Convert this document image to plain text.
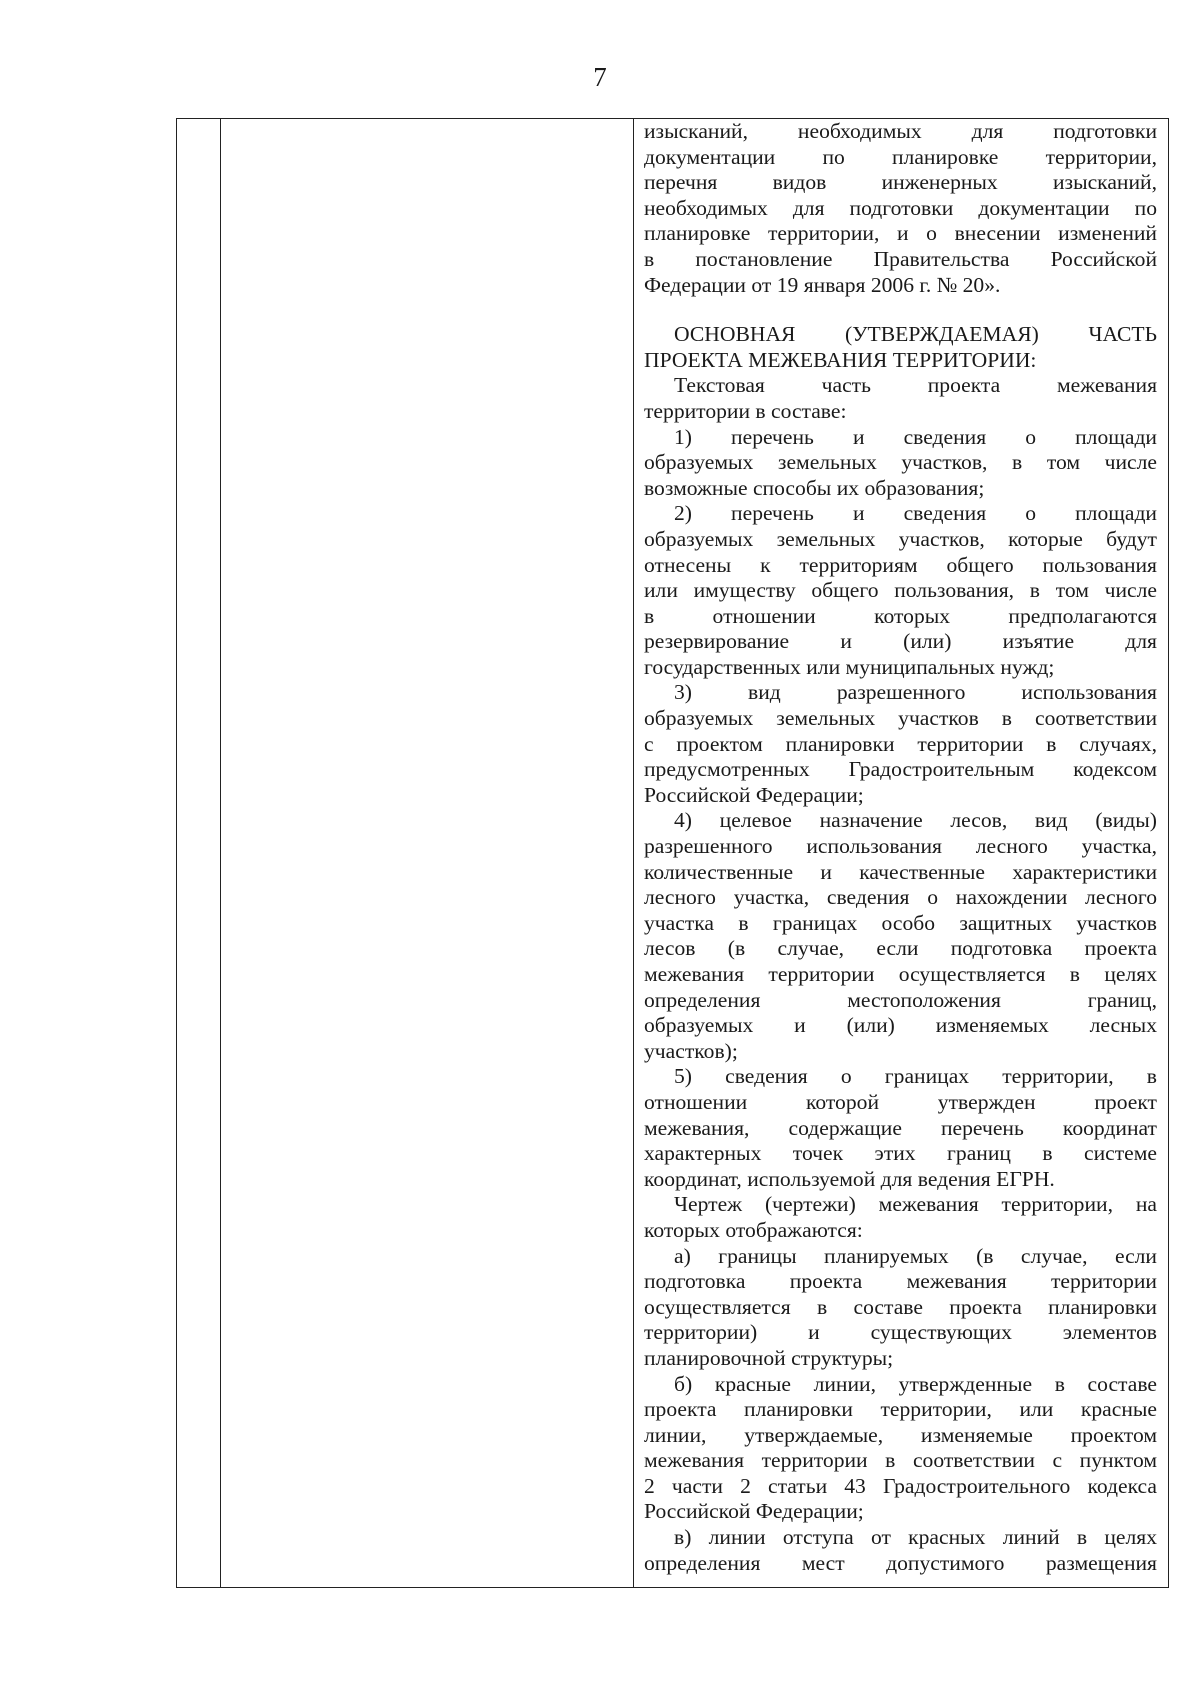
7
изысканий, необходимых для подготовки
документации по планировке территории,
перечня видов инженерных изысканий,
необходимых для подготовки документации по
планировке территории, и о внесении изменений
в постановление Правительства Российской
Федерации от 19 января 2006 г. № 20».
ОСНОВНАЯ (УТВЕРЖДАЕМАЯ) ЧАСТЬ
ПРОЕКТА МЕЖЕВАНИЯ ТЕРРИТОРИИ:
Текстовая часть проекта межевания
территории в составе:
1) перечень и сведения о площади
образуемых земельных участков, в том числе
возможные способы их образования;
2) перечень и сведения о площади
образуемых земельных участков, которые будут
отнесены к территориям общего пользования
или имуществу общего пользования, в том числе
в отношении которых предполагаются
резервирование и (или) изъятие для
государственных или муниципальных нужд;
3) вид разрешенного использования
образуемых земельных участков в соответствии
с проектом планировки территории в случаях,
предусмотренных Градостроительным кодексом
Российской Федерации;
4) целевое назначение лесов, вид (виды)
разрешенного использования лесного участка,
количественные и качественные характеристики
лесного участка, сведения о нахождении лесного
участка в границах особо защитных участков
лесов (в случае, если подготовка проекта
межевания территории осуществляется в целях
определения местоположения границ,
образуемых и (или) изменяемых лесных
участков);
5) сведения о границах территории, в
отношении которой утвержден проект
межевания, содержащие перечень координат
характерных точек этих границ в системе
координат, используемой для ведения ЕГРН.
Чертеж (чертежи) межевания территории, на
которых отображаются:
а) границы планируемых (в случае, если
подготовка проекта межевания территории
осуществляется в составе проекта планировки
территории) и существующих элементов
планировочной структуры;
б) красные линии, утвержденные в составе
проекта планировки территории, или красные
линии, утверждаемые, изменяемые проектом
межевания территории в соответствии с пунктом
2 части 2 статьи 43 Градостроительного кодекса
Российской Федерации;
в) линии отступа от красных линий в целях
определения мест допустимого размещения
